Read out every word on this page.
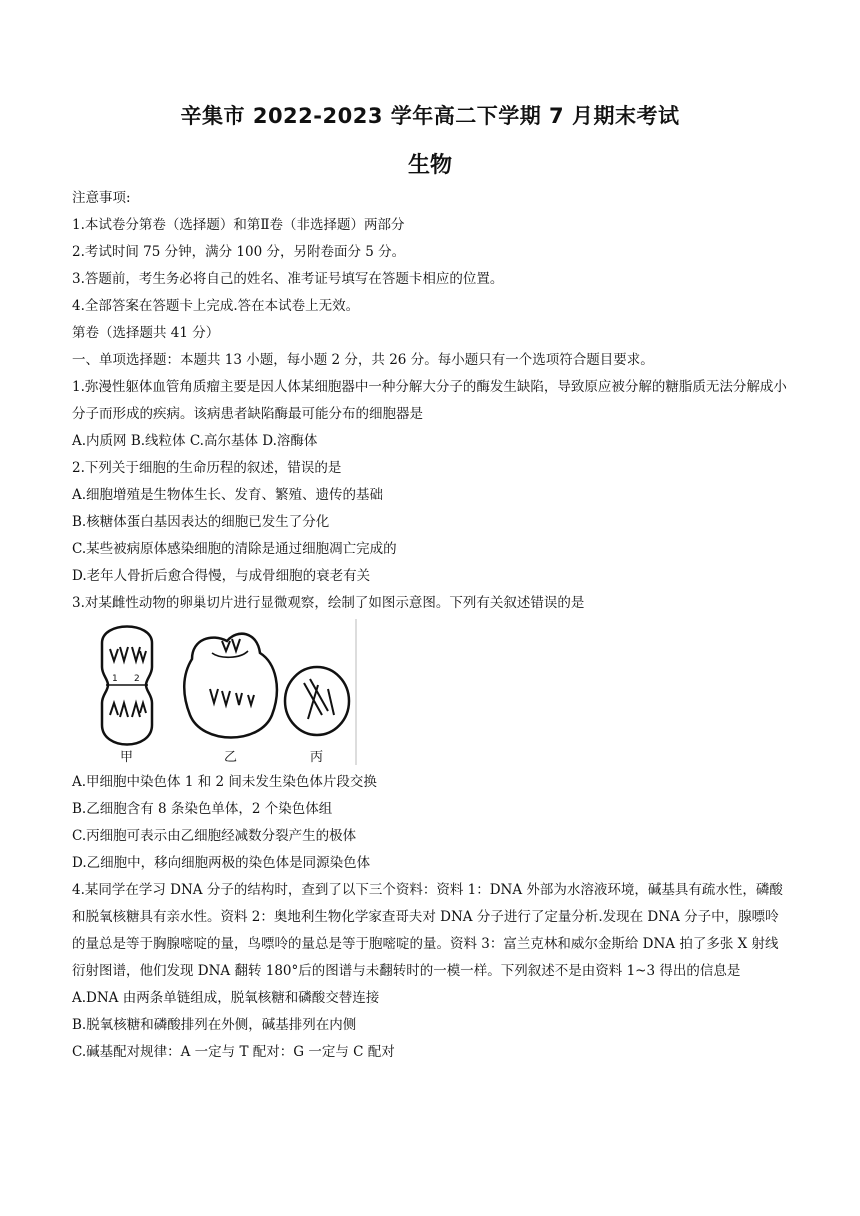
辛集市 2022-2023 学年高二下学期 7 月期末考试
生物
注意事项:
1.本试卷分第卷（选择题）和第Ⅱ卷（非选择题）两部分
2.考试时间 75 分钟，满分 100 分，另附卷面分 5 分。
3.答题前，考生务必将自己的姓名、准考证号填写在答题卡相应的位置。
4.全部答案在答题卡上完成.答在本试卷上无效。
第卷（选择题共 41 分）
一、单项选择题：本题共 13 小题，每小题 2 分，共 26 分。每小题只有一个选项符合题目要求。
1.弥漫性躯体血管角质瘤主要是因人体某细胞器中一种分解大分子的酶发生缺陷，导致原应被分解的糖脂质无法分解成小分子而形成的疾病。该病患者缺陷酶最可能分布的细胞器是
A.内质网 B.线粒体 C.高尔基体 D.溶酶体
2.下列关于细胞的生命历程的叙述，错误的是
A.细胞增殖是生物体生长、发育、繁殖、遗传的基础
B.核糖体蛋白基因表达的细胞已发生了分化
C.某些被病原体感染细胞的清除是通过细胞凋亡完成的
D.老年人骨折后愈合得慢，与成骨细胞的衰老有关
3.对某雌性动物的卵巢切片进行显微观察，绘制了如图示意图。下列有关叙述错误的是
1 2
甲	乙	丙
A.甲细胞中染色体 1 和 2 间未发生染色体片段交换
B.乙细胞含有 8 条染色单体，2 个染色体组
C.丙细胞可表示由乙细胞经减数分裂产生的极体
D.乙细胞中，移向细胞两极的染色体是同源染色体
4.某同学在学习 DNA 分子的结构时，查到了以下三个资料：资料 1：DNA 外部为水溶液环境，碱基具有疏水性，磷酸和脱氧核糖具有亲水性。资料 2：奥地利生物化学家查哥夫对 DNA 分子进行了定量分析.发现在 DNA 分子中，腺嘌呤的量总是等于胸腺嘧啶的量，鸟嘌呤的量总是等于胞嘧啶的量。资料 3：富兰克林和威尔金斯给 DNA 拍了多张 X 射线衍射图谱，他们发现 DNA 翻转 180°后的图谱与未翻转时的一模一样。下列叙述不是由资料 1~3 得出的信息是
A.DNA 由两条单链组成，脱氧核糖和磷酸交替连接
B.脱氧核糖和磷酸排列在外侧，碱基排列在内侧
C.碱基配对规律：A 一定与 T 配对：G 一定与 C 配对
